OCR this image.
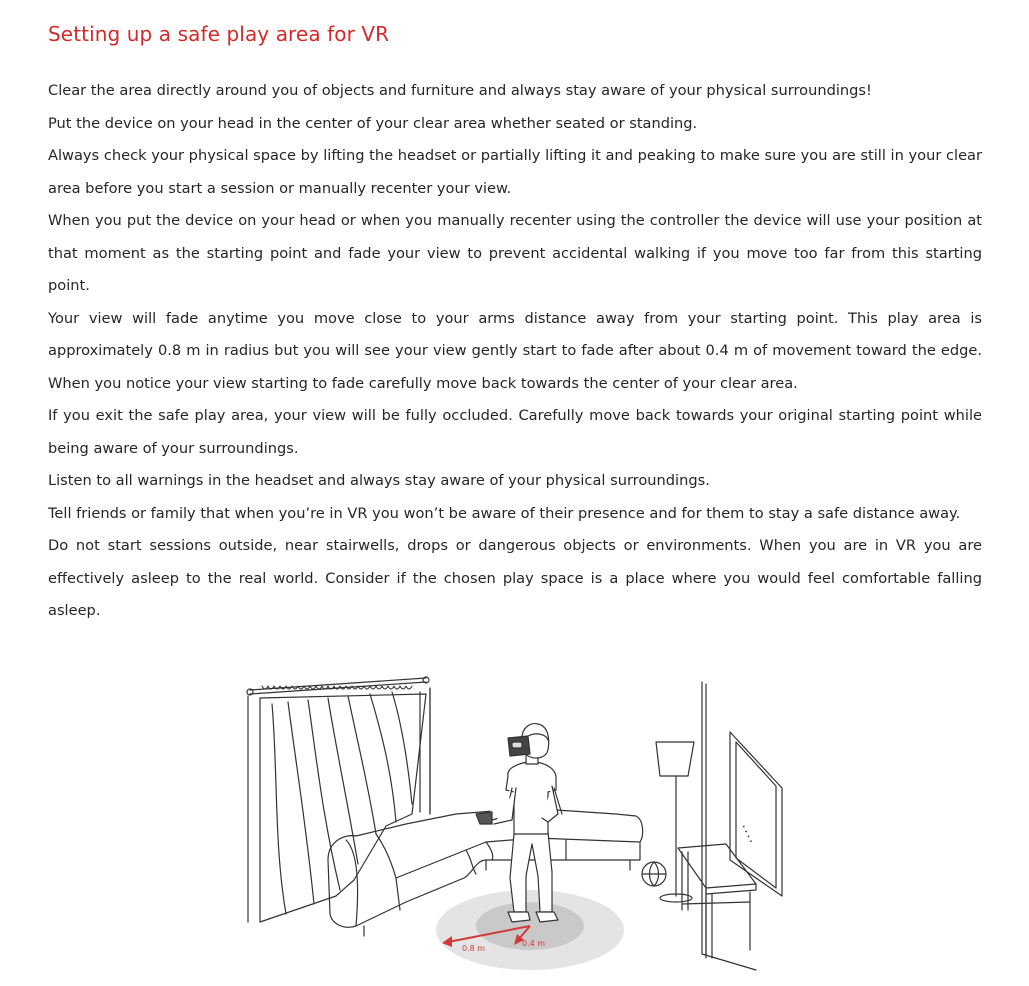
Setting up a safe play area for VR

Clear the area directly around you of objects and furniture and always stay aware of your physical surroundings!

Put the device on your head in the center of your clear area whether seated or standing.

Always check your physical space by lifting the headset or partially lifting it and peaking to make sure you are still in your clear area before you start a session or manually recenter your view.

When you put the device on your head or when you manually recenter using the controller the device will use your position at that moment as the starting point and fade your view to prevent accidental walking if you move too far from this starting point.

Your view will fade anytime you move close to your arms distance away from your starting point. This play area is approximately 0.8 m in radius but you will see your view gently start to fade after about 0.4 m of movement toward the edge. When you notice your view starting to fade carefully move back towards the center of your clear area.

If you exit the safe play area, your view will be fully occluded. Carefully move back towards your original starting point while being aware of your surroundings.

Listen to all warnings in the headset and always stay aware of your physical surroundings.

Tell friends or family that when you’re in VR you won’t be aware of their presence and for them to stay a safe distance away.

Do not start sessions outside, near stairwells, drops or dangerous objects or environments. When you are in VR you are effectively asleep to the real world. Consider if the chosen play space is a place where you would feel comfortable falling asleep.

• • • •
0.8 m
0.4 m
